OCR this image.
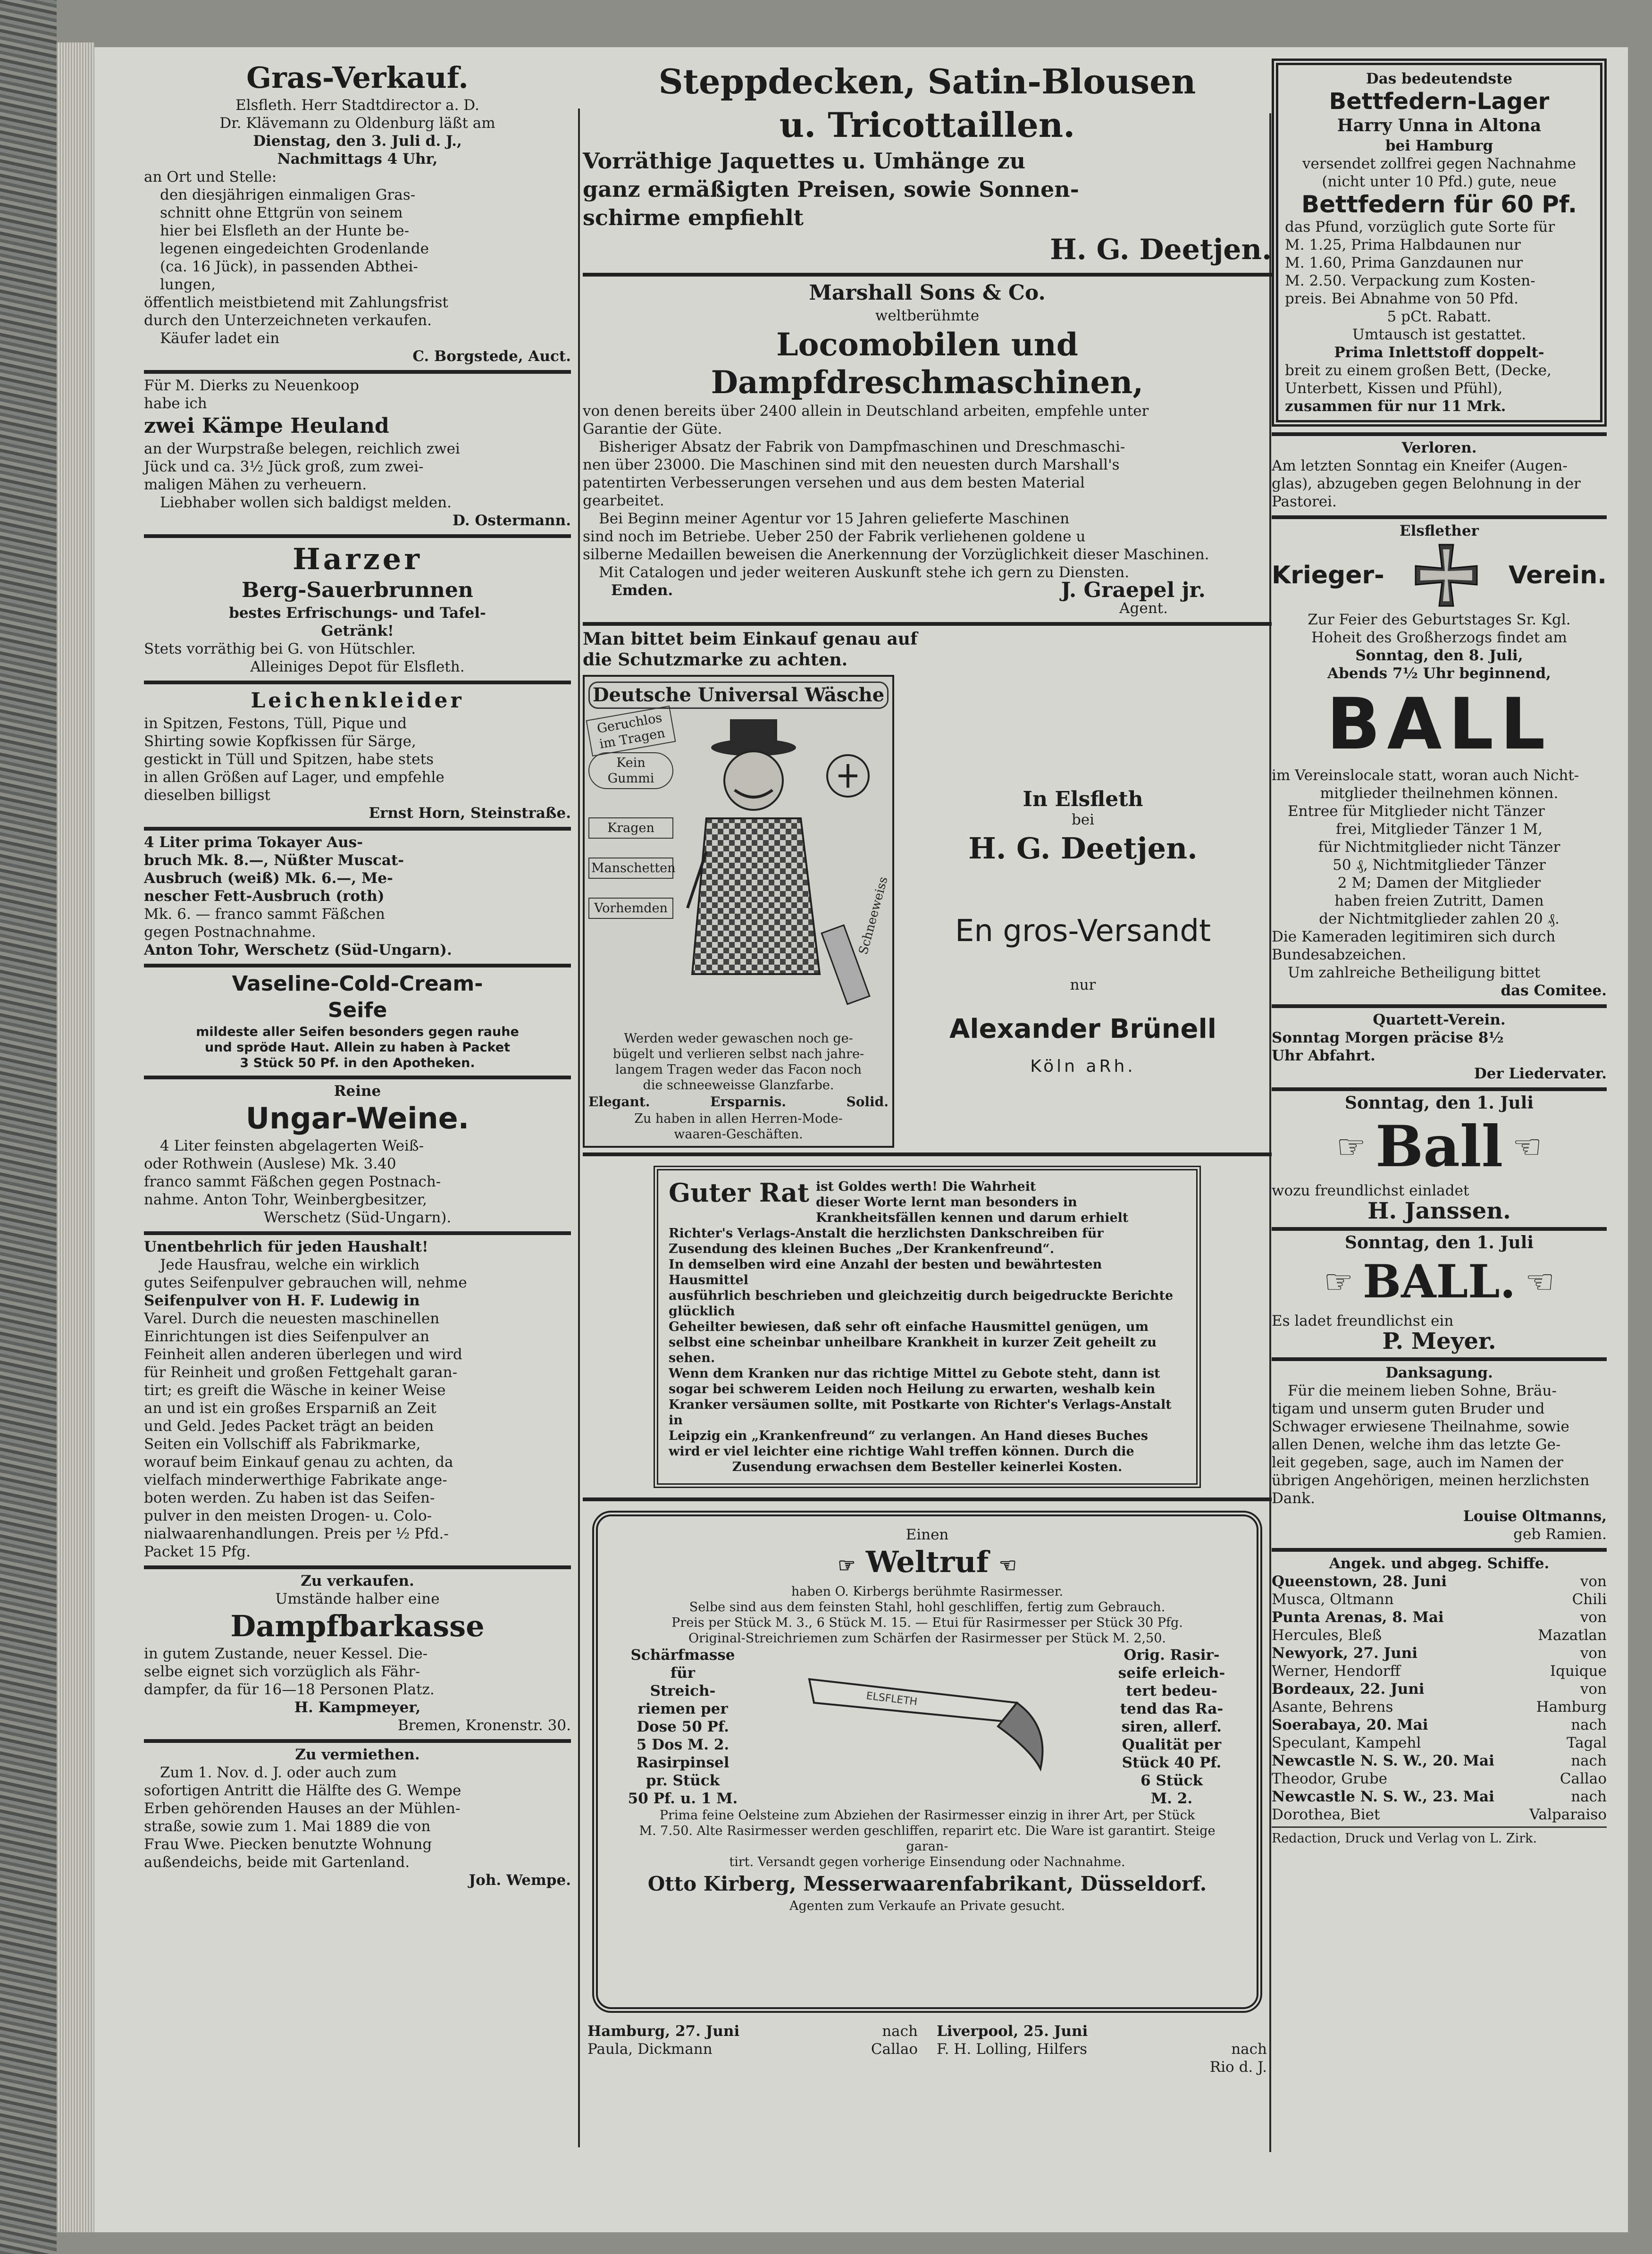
Gras-Verkauf.

Elsfleth. Herr Stadtdirector a. D.

Dr. Klävemann zu Oldenburg läßt am

Dienstag, den 3. Juli d. J.,

Nachmittags 4 Uhr,

an Ort und Stelle:

den diesjährigen einmaligen Gras-

schnitt ohne Ettgrün von seinem

hier bei Elsfleth an der Hunte be-

legenen eingedeichten Grodenlande

(ca. 16 Jück), in passenden Abthei-

lungen,

öffentlich meistbietend mit Zahlungsfrist

durch den Unterzeichneten verkaufen.

Käufer ladet ein

C. Borgstede, Auct.

Für M. Dierks zu Neuenkoop

habe ich

zwei Kämpe Heuland

an der Wurpstraße belegen, reichlich zwei

Jück und ca. 3½ Jück groß, zum zwei-

maligen Mähen zu verheuern.

Liebhaber wollen sich baldigst melden.

D. Ostermann.

Harzer

Berg-Sauerbrunnen

bestes Erfrischungs- und Tafel-

Getränk!

Stets vorräthig bei G. von Hütschler.

Alleiniges Depot für Elsfleth.

Leichenkleider

in Spitzen, Festons, Tüll, Pique und

Shirting sowie Kopfkissen für Särge,

gestickt in Tüll und Spitzen, habe stets

in allen Größen auf Lager, und empfehle

dieselben billigst

Ernst Horn, Steinstraße.

4 Liter prima Tokayer Aus-

bruch Mk. 8.—, Nüßter Muscat-

Ausbruch (weiß) Mk. 6.—, Me-

nescher Fett-Ausbruch (roth)

Mk. 6. — franco sammt Fäßchen

gegen Postnachnahme.

Anton Tohr, Werschetz (Süd-Ungarn).

Vaseline-Cold-Cream-

Seife

mildeste aller Seifen besonders gegen rauhe

und spröde Haut. Allein zu haben à Packet

3 Stück 50 Pf. in den Apotheken.

Reine

Ungar-Weine.

4 Liter feinsten abgelagerten Weiß-

oder Rothwein (Auslese) Mk. 3.40

franco sammt Fäßchen gegen Postnach-

nahme. Anton Tohr, Weinbergbesitzer,

Werschetz (Süd-Ungarn).

Unentbehrlich für jeden Haushalt!

Jede Hausfrau, welche ein wirklich

gutes Seifenpulver gebrauchen will, nehme

Seifenpulver von H. F. Ludewig in

Varel. Durch die neuesten maschinellen

Einrichtungen ist dies Seifenpulver an

Feinheit allen anderen überlegen und wird

für Reinheit und großen Fettgehalt garan-

tirt; es greift die Wäsche in keiner Weise

an und ist ein großes Ersparniß an Zeit

und Geld. Jedes Packet trägt an beiden

Seiten ein Vollschiff als Fabrikmarke,

worauf beim Einkauf genau zu achten, da

vielfach minderwerthige Fabrikate ange-

boten werden. Zu haben ist das Seifen-

pulver in den meisten Drogen- u. Colo-

nialwaarenhandlungen. Preis per ½ Pfd.-

Packet 15 Pfg.

Zu verkaufen.

Umstände halber eine

Dampfbarkasse

in gutem Zustande, neuer Kessel. Die-

selbe eignet sich vorzüglich als Fähr-

dampfer, da für 16—18 Personen Platz.

H. Kampmeyer,

Bremen, Kronenstr. 30.

Zu vermiethen.

Zum 1. Nov. d. J. oder auch zum

sofortigen Antritt die Hälfte des G. Wempe

Erben gehörenden Hauses an der Mühlen-

straße, sowie zum 1. Mai 1889 die von

Frau Wwe. Piecken benutzte Wohnung

außendeichs, beide mit Gartenland.

Joh. Wempe.

Steppdecken, Satin-Blousen

u. Tricottaillen.

Vorräthige Jaquettes u. Umhänge zu

ganz ermäßigten Preisen, sowie Sonnen-

schirme empfiehlt

H. G. Deetjen.

Marshall Sons & Co.

weltberühmte

Locomobilen und Dampfdreschmaschinen,

von denen bereits über 2400 allein in Deutschland arbeiten, empfehle unter

Garantie der Güte.

Bisheriger Absatz der Fabrik von Dampfmaschinen und Dreschmaschi-

nen über 23000. Die Maschinen sind mit den neuesten durch Marshall's

patentirten Verbesserungen versehen und aus dem besten Material

gearbeitet.

Bei Beginn meiner Agentur vor 15 Jahren gelieferte Maschinen

sind noch im Betriebe. Ueber 250 der Fabrik verliehenen goldene u

silberne Medaillen beweisen die Anerkennung der Vorzüglichkeit dieser Maschinen.

Mit Catalogen und jeder weiteren Auskunft stehe ich gern zu Diensten.

Emden.	J. Graepel jr.

Agent.

Man bittet beim Einkauf genau auf

die Schutzmarke zu achten.

Deutsche Universal Wäsche

Geruchlos im Tragen

Kein Gummi

Kragen

Manschetten

Vorhemden	Schneeweiss

Werden weder gewaschen noch ge-

bügelt und verlieren selbst nach jahre-

langem Tragen weder das Facon noch

die schneeweisse Glanzfarbe.

Elegant.	Ersparnis.	Solid.

Zu haben in allen Herren-Mode-

waaren-Geschäften.

In Elsfleth

bei

H. G. Deetjen.

En gros-Versandt

nur

Alexander Brünell

Köln aRh.

Guter Rat ist Goldes werth! Die Wahrheit

dieser Worte lernt man besonders in

Krankheitsfällen kennen und darum erhielt

Richter's Verlags-Anstalt die herzlichsten Dankschreiben für

Zusendung des kleinen Buches „Der Krankenfreund“.

In demselben wird eine Anzahl der besten und bewährtesten Hausmittel

ausführlich beschrieben und gleichzeitig durch beigedruckte Berichte glücklich

Geheilter bewiesen, daß sehr oft einfache Hausmittel genügen, um

selbst eine scheinbar unheilbare Krankheit in kurzer Zeit geheilt zu sehen.

Wenn dem Kranken nur das richtige Mittel zu Gebote steht, dann ist

sogar bei schwerem Leiden noch Heilung zu erwarten, weshalb kein

Kranker versäumen sollte, mit Postkarte von Richter's Verlags-Anstalt in

Leipzig ein „Krankenfreund“ zu verlangen. An Hand dieses Buches

wird er viel leichter eine richtige Wahl treffen können. Durch die

Zusendung erwachsen dem Besteller keinerlei Kosten.

Einen

☞ Weltruf ☜

haben O. Kirbergs berühmte Rasirmesser.

Selbe sind aus dem feinsten Stahl, hohl geschliffen, fertig zum Gebrauch.

Preis per Stück M. 3., 6 Stück M. 15. — Etui für Rasirmesser per Stück 30 Pfg.

Original-Streichriemen zum Schärfen der Rasirmesser per Stück M. 2,50.

Schärfmasse

für

Streich-

riemen per

Dose 50 Pf.

5 Dos M. 2.

Rasirpinsel

pr. Stück

50 Pf. u. 1 M.

ELSFLETH

Orig. Rasir-

seife erleich-

tert bedeu-

tend das Ra-

siren, allerf.

Qualität per

Stück 40 Pf.

6 Stück

M. 2.

Prima feine Oelsteine zum Abziehen der Rasirmesser einzig in ihrer Art, per Stück

M. 7.50. Alte Rasirmesser werden geschliffen, reparirt etc. Die Ware ist garantirt. Steige garan-

tirt. Versandt gegen vorherige Einsendung oder Nachnahme.

Otto Kirberg, Messerwaarenfabrikant, Düsseldorf.

Agenten zum Verkaufe an Private gesucht.

Hamburg, 27. Juni	nach
Paula, Dickmann	Callao
Liverpool, 25. Juni
F. H. Lolling, Hilfers	nach
Rio d. J.

Das bedeutendste

Bettfedern-Lager

Harry Unna in Altona

bei Hamburg

versendet zollfrei gegen Nachnahme

(nicht unter 10 Pfd.) gute, neue

Bettfedern für 60 Pf.

das Pfund, vorzüglich gute Sorte für

M. 1.25, Prima Halbdaunen nur

M. 1.60, Prima Ganzdaunen nur

M. 2.50. Verpackung zum Kosten-

preis. Bei Abnahme von 50 Pfd.

5 pCt. Rabatt.

Umtausch ist gestattet.

Prima Inlettstoff doppelt-

breit zu einem großen Bett, (Decke,

Unterbett, Kissen und Pfühl),

zusammen für nur 11 Mrk.

Verloren.

Am letzten Sonntag ein Kneifer (Augen-

glas), abzugeben gegen Belohnung in der

Pastorei.

Elsflether

Krieger-	Verein.

Zur Feier des Geburtstages Sr. Kgl.

Hoheit des Großherzogs findet am

Sonntag, den 8. Juli,

Abends 7½ Uhr beginnend,

BALL

im Vereinslocale statt, woran auch Nicht-

mitglieder theilnehmen können.

Entree für Mitglieder nicht Tänzer

frei, Mitglieder Tänzer 1 M,

für Nichtmitglieder nicht Tänzer

50 ₰, Nichtmitglieder Tänzer

2 M; Damen der Mitglieder

haben freien Zutritt, Damen

der Nichtmitglieder zahlen 20 ₰.

Die Kameraden legitimiren sich durch

Bundesabzeichen.

Um zahlreiche Betheiligung bittet

das Comitee.

Quartett-Verein.

Sonntag Morgen präcise 8½

Uhr Abfahrt.

Der Liedervater.

Sonntag, den 1. Juli

☞ Ball ☜

wozu freundlichst einladet

H. Janssen.

Sonntag, den 1. Juli

☞ BALL. ☜

Es ladet freundlichst ein

P. Meyer.

Danksagung.

Für die meinem lieben Sohne, Bräu-

tigam und unserm guten Bruder und

Schwager erwiesene Theilnahme, sowie

allen Denen, welche ihm das letzte Ge-

leit gegeben, sage, auch im Namen der

übrigen Angehörigen, meinen herzlichsten

Dank.

Louise Oltmanns,

geb Ramien.

Angek. und abgeg. Schiffe.

Queenstown, 28. Juni	von
Musca, Oltmann	Chili
Punta Arenas, 8. Mai	von
Hercules, Bleß	Mazatlan
Newyork, 27. Juni	von
Werner, Hendorff	Iquique
Bordeaux, 22. Juni	von
Asante, Behrens	Hamburg
Soerabaya, 20. Mai	nach
Speculant, Kampehl	Tagal
Newcastle N. S. W., 20. Mai	nach
Theodor, Grube	Callao
Newcastle N. S. W., 23. Mai	nach
Dorothea, Biet	Valparaiso

Redaction, Druck und Verlag von L. Zirk.
